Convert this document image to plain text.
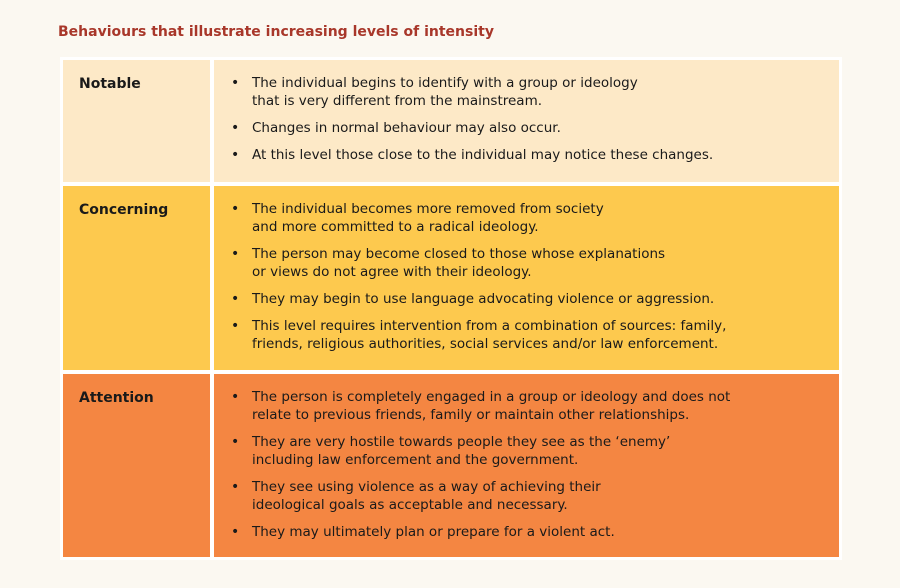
Behaviours that illustrate increasing levels of intensity
Notable	• The individual begins to identify with a group or ideology
that is very different from the mainstream.
• Changes in normal behaviour may also occur.
• At this level those close to the individual may notice these changes.
Concerning	• The individual becomes more removed from society
and more committed to a radical ideology.
• The person may become closed to those whose explanations
or views do not agree with their ideology.
• They may begin to use language advocating violence or aggression.
• This level requires intervention from a combination of sources: family,
friends, religious authorities, social services and/or law enforcement.
Attention	• The person is completely engaged in a group or ideology and does not
relate to previous friends, family or maintain other relationships.
• They are very hostile towards people they see as the ‘enemy’
including law enforcement and the government.
• They see using violence as a way of achieving their
ideological goals as acceptable and necessary.
• They may ultimately plan or prepare for a violent act.
